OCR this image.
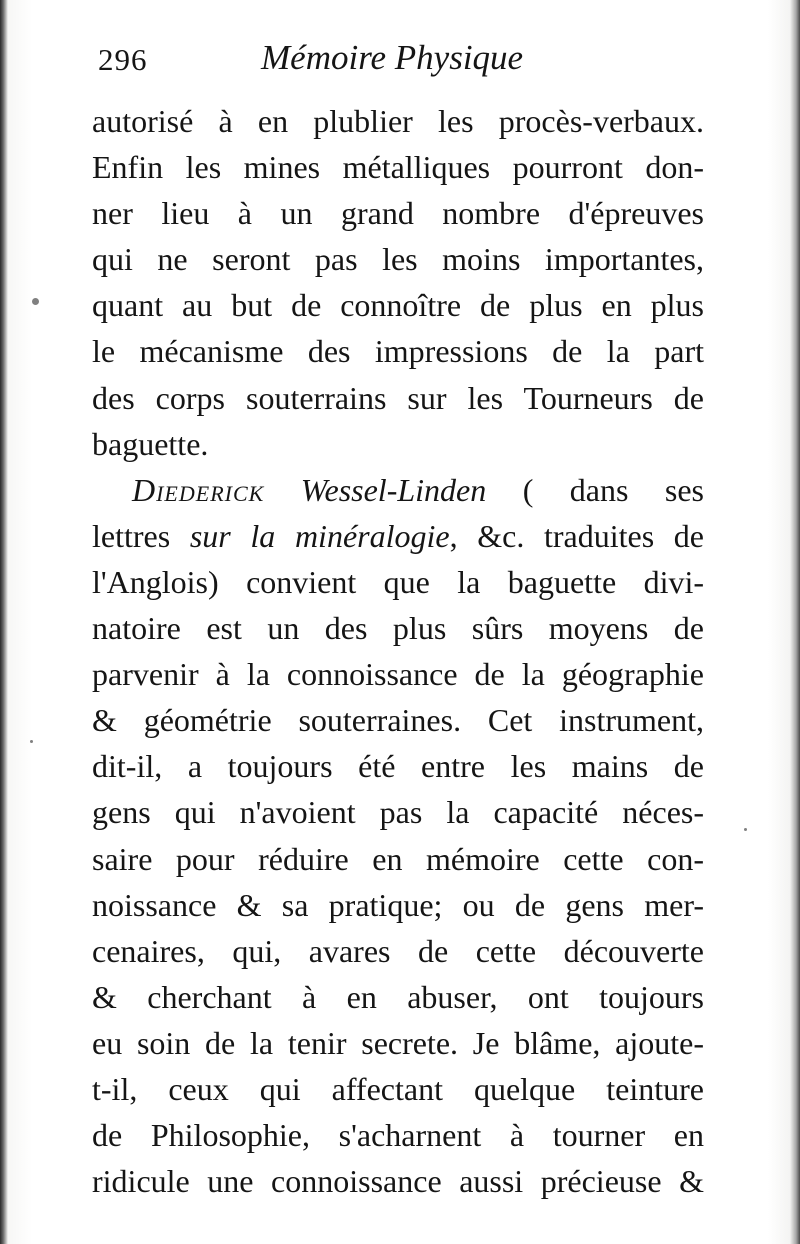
296	Mémoire Physique
autorisé à en plublier les procès-verbaux.
Enfin les mines métalliques pourront don-
ner lieu à un grand nombre d'épreuves
qui ne seront pas les moins importantes,
quant au but de connoître de plus en plus
le mécanisme des impressions de la part
des corps souterrains sur les Tourneurs de
baguette.
Diederick Wessel-Linden ( dans ses
lettres sur la minéralogie, &c. traduites de
l'Anglois) convient que la baguette divi-
natoire est un des plus sûrs moyens de
parvenir à la connoissance de la géographie
& géométrie souterraines. Cet instrument,
dit-il, a toujours été entre les mains de
gens qui n'avoient pas la capacité néces-
saire pour réduire en mémoire cette con-
noissance & sa pratique; ou de gens mer-
cenaires, qui, avares de cette découverte
& cherchant à en abuser, ont toujours
eu soin de la tenir secrete. Je blâme, ajoute-
t-il, ceux qui affectant quelque teinture
de Philosophie, s'acharnent à tourner en
ridicule une connoissance aussi précieuse &
